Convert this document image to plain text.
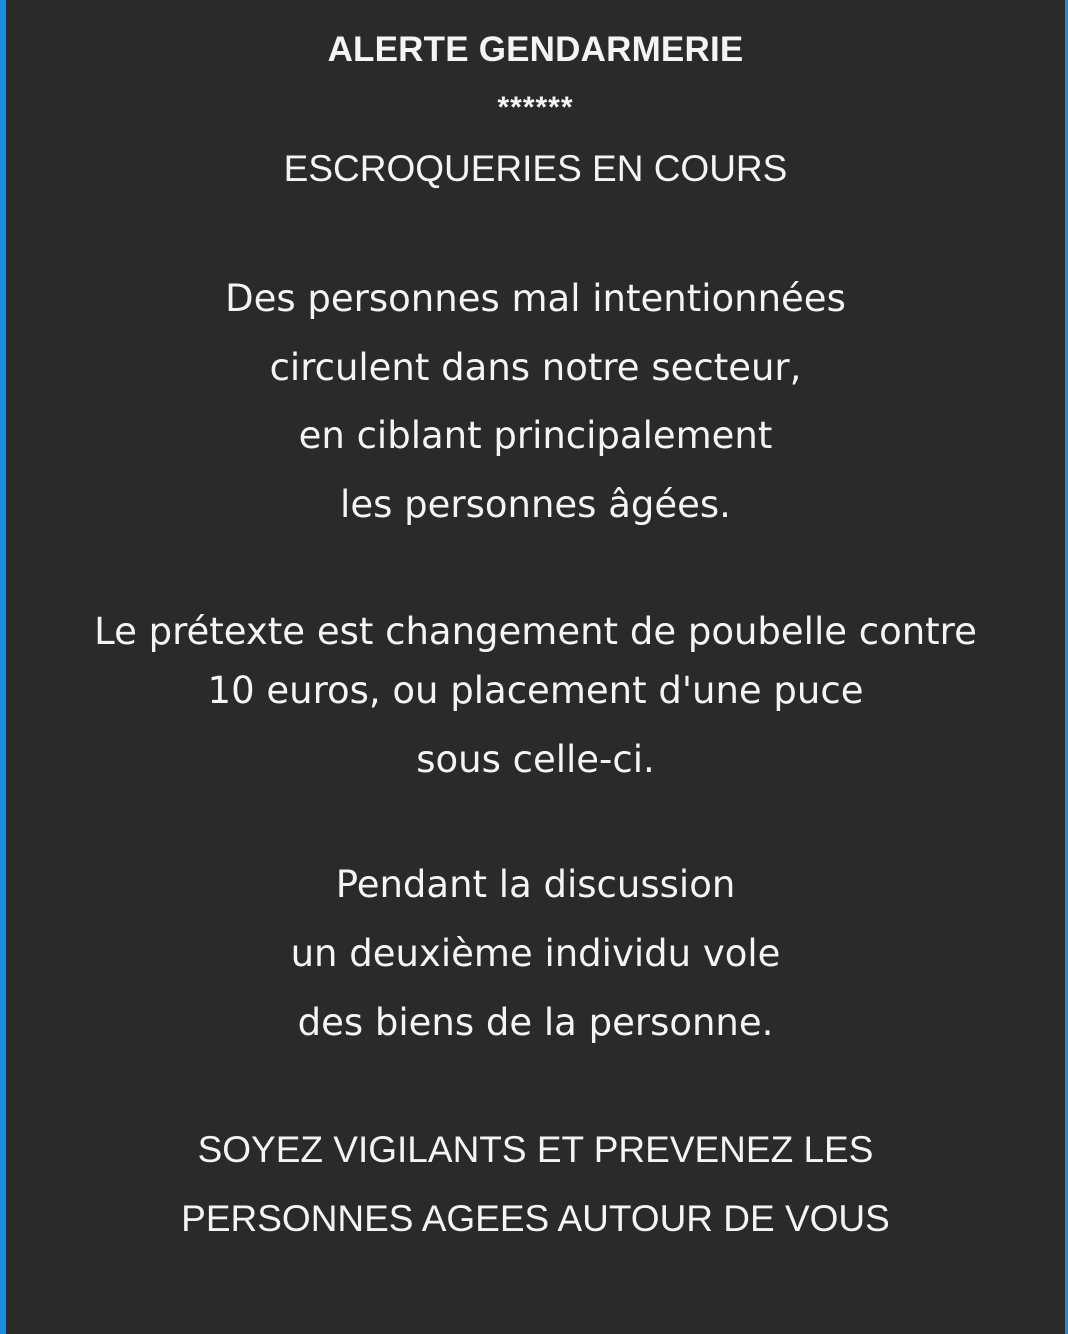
ALERTE GENDARMERIE
******
ESCROQUERIES EN COURS
Des personnes mal intentionnées
circulent dans notre secteur,
en ciblant principalement
les personnes âgées.
Le prétexte est changement de poubelle contre
10 euros, ou placement d'une puce
sous celle-ci.
Pendant la discussion
un deuxième individu vole
des biens de la personne.
SOYEZ VIGILANTS ET PREVENEZ LES
PERSONNES AGEES AUTOUR DE VOUS
